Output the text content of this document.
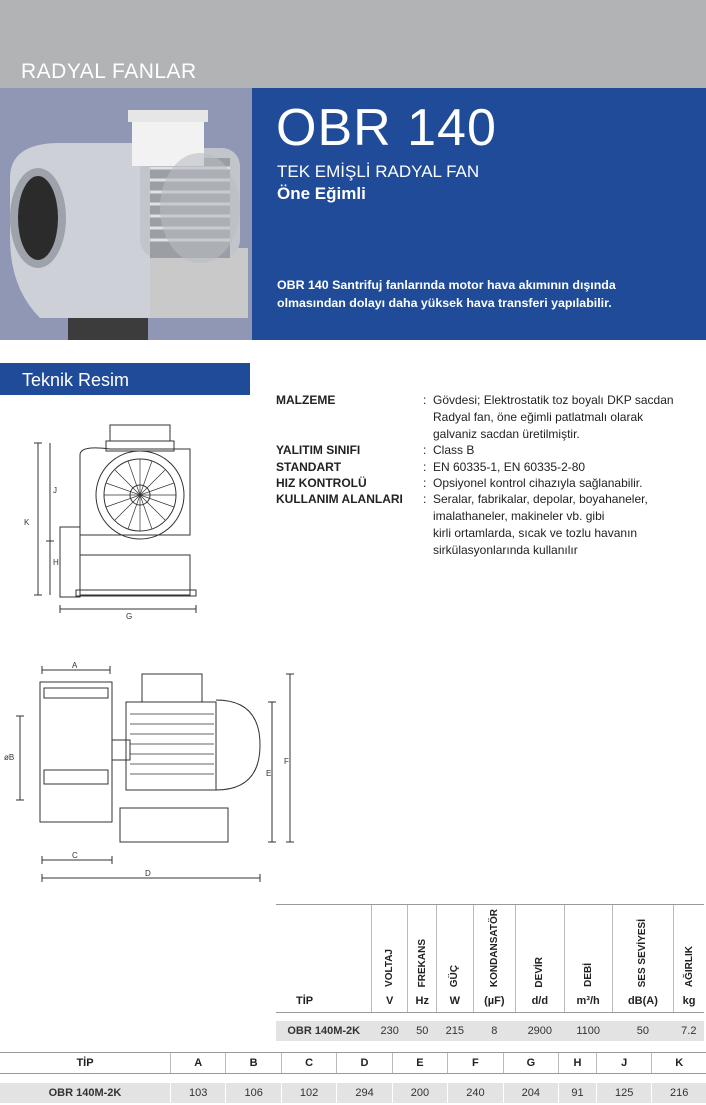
RADYAL FANLAR
OBR 140
TEK EMİŞLİ RADYAL FAN
Öne Eğimli
OBR 140 Santrifuj fanlarında motor hava akımının dışında
olmasından dolayı daha yüksek hava transferi yapılabilir.
Teknik Resim
MALZEME	: Gövdesi; Elektrostatik toz boyalı DKP sacdan
Radyal fan, öne eğimli patlatmalı olarak
galvaniz sacdan üretilmiştir.
YALITIM SINIFI	: Class B
STANDART	: EN 60335-1, EN 60335-2-80
HIZ KONTROLÜ	: Opsiyonel kontrol cihazıyla sağlanabilir.
KULLANIM ALANLARI : Seralar, fabrikalar, depolar, boyahaneler,
imalathaneler, makineler vb. gibi
kirli ortamlarda, sıcak ve tozlu havanın
sirkülasyonlarında kullanılır
K
J
H
G
A
øB
C
D
E
F
	VOLTAJ	FREKANS	GÜÇ	KONDANSATÖR	DEVİR	DEBİ	SES SEVİYESİ	AĞIRLIK
TİP	V	Hz	W	(µF)	d/d	m³/h	dB(A)	kg

OBR 140M-2K	230	50	215	8	2900	1100	50	7.2
TİP	A	B	C	D	E	F	G	H	J	K

OBR 140M-2K	103	106	102	294	200	240	204	91	125	216
